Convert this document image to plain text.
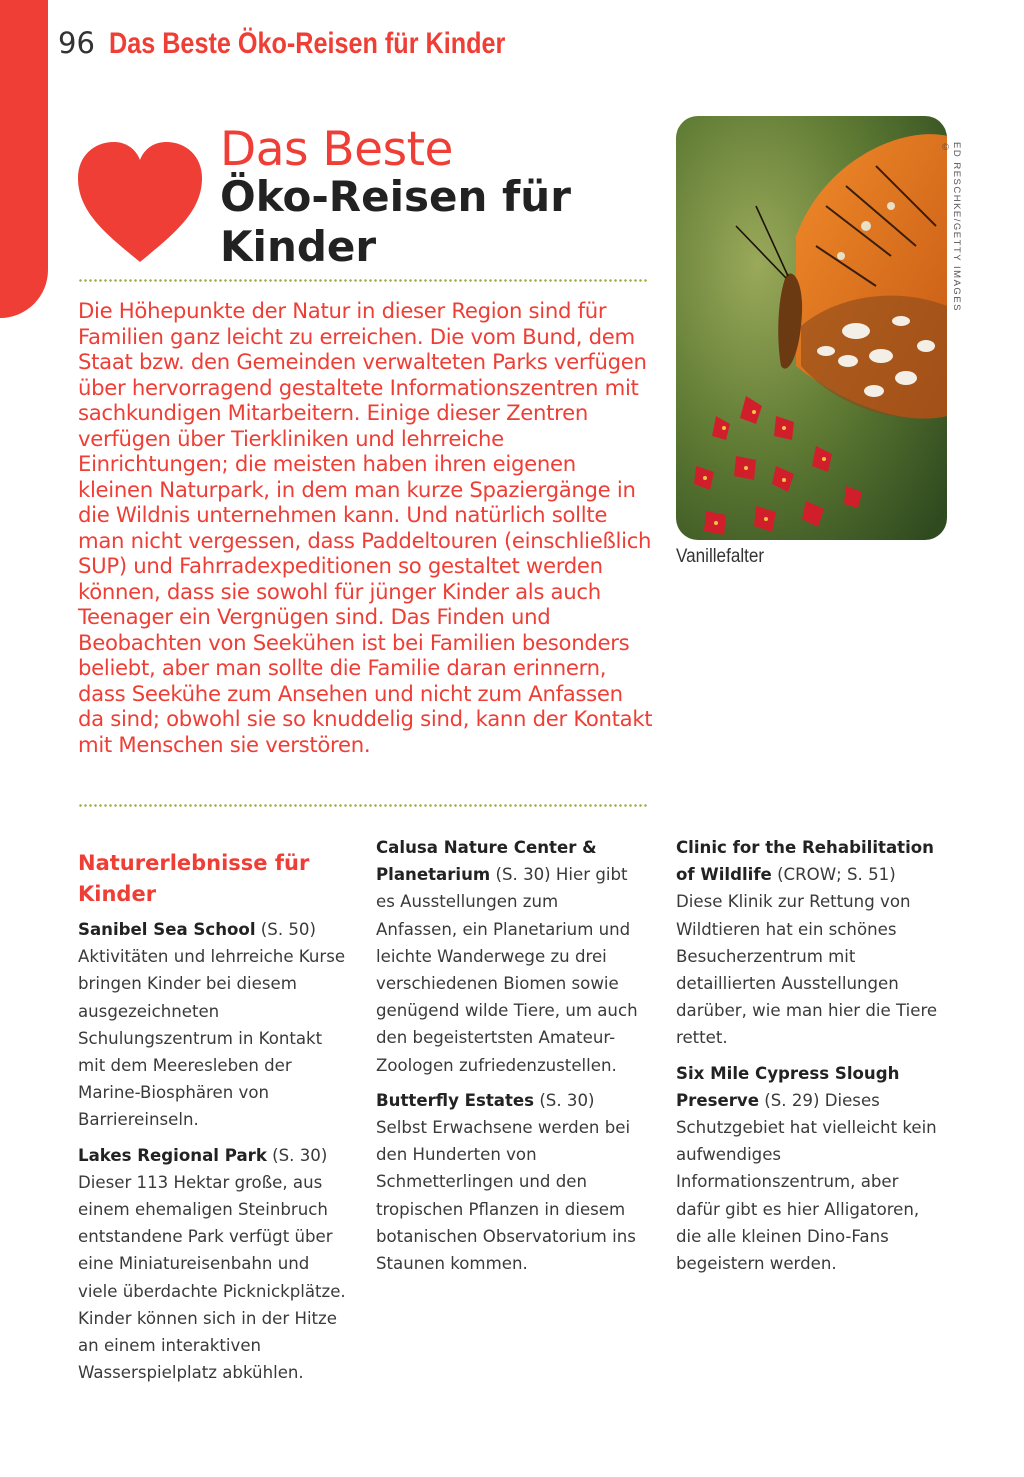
96 Das Beste Öko-Reisen für Kinder
Das Beste
Öko-Reisen für Kinder
Die Höhepunkte der Natur in dieser Region sind für Familien ganz leicht zu erreichen. Die vom Bund, dem Staat bzw. den Gemeinden verwalteten Parks verfügen über hervorragend gestaltete Informationszentren mit sachkundigen Mitarbeitern. Einige dieser Zentren verfügen über Tierkliniken und lehrreiche Einrichtungen; die meisten haben ihren eigenen kleinen Naturpark, in dem man kurze Spaziergänge in die Wildnis unternehmen kann. Und natürlich sollte man nicht vergessen, dass Paddeltouren (einschließlich SUP) und Fahrradexpeditionen so gestaltet werden können, dass sie sowohl für jünger Kinder als auch Teenager ein Vergnügen sind. Das Finden und Beobachten von Seekühen ist bei Familien besonders beliebt, aber man sollte die Familie daran erinnern, dass Seekühe zum Ansehen und nicht zum Anfassen da sind; obwohl sie so knuddelig sind, kann der Kontakt mit Menschen sie verstören.
ED RESCHKE/GETTY IMAGES ©
Vanillefalter
Naturerlebnisse für Kinder

Sanibel Sea School (S. 50) Aktivitäten und lehrreiche Kurse bringen Kinder bei diesem ausgezeichneten Schulungszentrum in Kontakt mit dem Meeresleben der Marine-Biosphären von Barriereinseln.

Lakes Regional Park (S. 30) Dieser 113 Hektar große, aus einem ehemaligen Steinbruch entstandene Park verfügt über eine Miniatureisenbahn und viele überdachte Picknickplätze. Kinder können sich in der Hitze an einem interaktiven Wasserspielplatz abkühlen.

Calusa Nature Center & Planetarium (S. 30) Hier gibt es Ausstellungen zum Anfassen, ein Planetarium und leichte Wanderwege zu drei verschiedenen Biomen sowie genügend wilde Tiere, um auch den begeistertsten Amateur-Zoologen zufriedenzustellen.

Butterfly Estates (S. 30) Selbst Erwachsene werden bei den Hunderten von Schmetterlingen und den tropischen Pflanzen in diesem botanischen Observatorium ins Staunen kommen.

Clinic for the Rehabilitation of Wildlife (CROW; S. 51) Diese Klinik zur Rettung von Wildtieren hat ein schönes Besucherzentrum mit detaillierten Ausstellungen darüber, wie man hier die Tiere rettet.

Six Mile Cypress Slough Preserve (S. 29) Dieses Schutzgebiet hat vielleicht kein aufwendiges Informationszentrum, aber dafür gibt es hier Alligatoren, die alle kleinen Dino-Fans begeistern werden.
